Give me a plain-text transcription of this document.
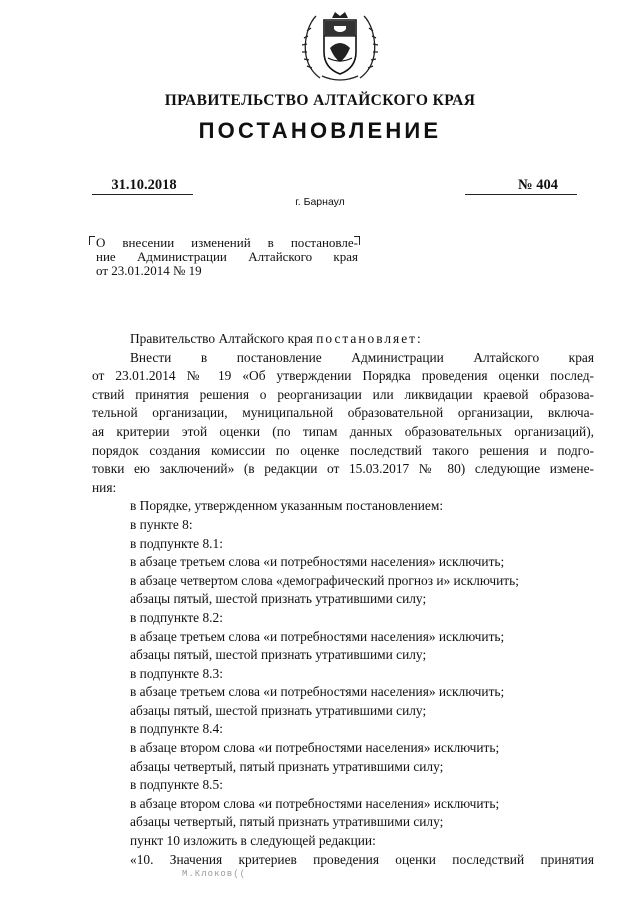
ПРАВИТЕЛЬСТВО АЛТАЙСКОГО КРАЯ
ПОСТАНОВЛЕНИЕ
31.10.2018
г. Барнаул
№ 404
О внесении изменений в постановле-
ние Администрации Алтайского края
от 23.01.2014 № 19
Правительство Алтайского края постановляет:
Внести в постановление Администрации Алтайского края
от 23.01.2014 № 19 «Об утверждении Порядка проведения оценки послед-
ствий принятия решения о реорганизации или ликвидации краевой образова-
тельной организации, муниципальной образовательной организации, включа-
ая критерии этой оценки (по типам данных образовательных организаций),
порядок создания комиссии по оценке последствий такого решения и подго-
товки ею заключений» (в редакции от 15.03.2017 № 80) следующие измене-
ния:
в Порядке, утвержденном указанным постановлением:
в пункте 8:
в подпункте 8.1:
в абзаце третьем слова «и потребностями населения» исключить;
в абзаце четвертом слова «демографический прогноз и» исключить;
абзацы пятый, шестой признать утратившими силу;
в подпункте 8.2:
в абзаце третьем слова «и потребностями населения» исключить;
абзацы пятый, шестой признать утратившими силу;
в подпункте 8.3:
в абзаце третьем слова «и потребностями населения» исключить;
абзацы пятый, шестой признать утратившими силу;
в подпункте 8.4:
в абзаце втором слова «и потребностями населения» исключить;
абзацы четвертый, пятый признать утратившими силу;
в подпункте 8.5:
в абзаце втором слова «и потребностями населения» исключить;
абзацы четвертый, пятый признать утратившими силу;
пункт 10 изложить в следующей редакции:
«10. Значения критериев проведения оценки последствий принятия
М.Клоков((
